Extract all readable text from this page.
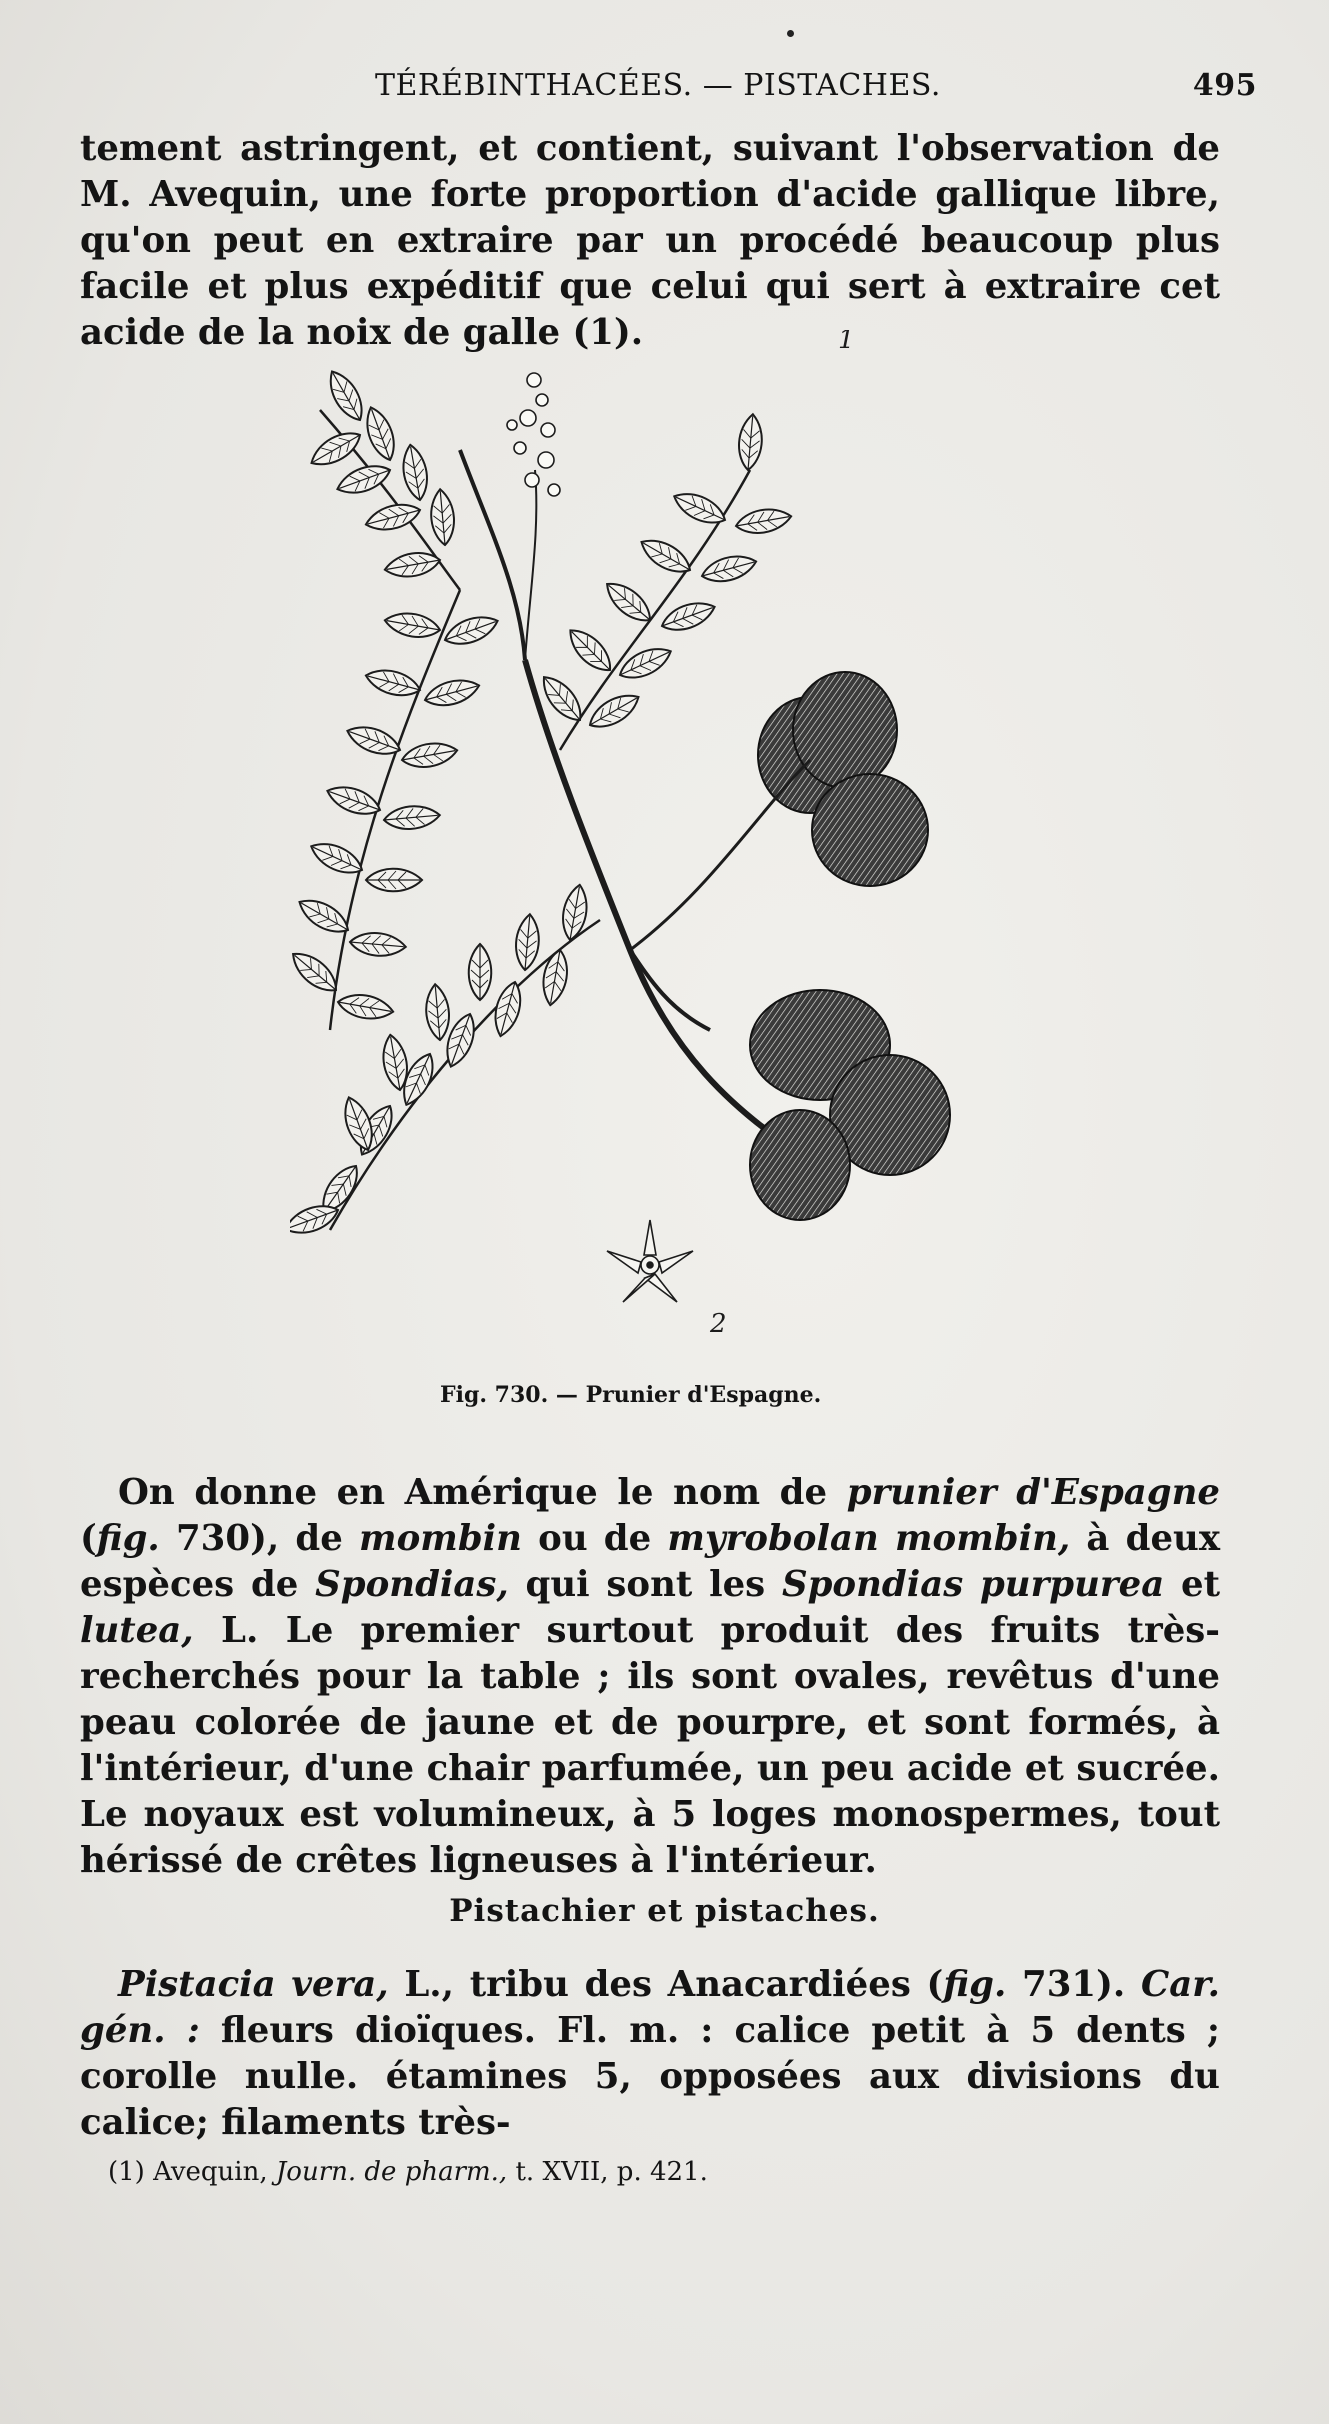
TÉRÉBINTHACÉES. — PISTACHES.	495

tement astringent, et contient, suivant l'observation de M. Avequin, une forte proportion d'acide gallique libre, qu'on peut en extraire par un procédé beaucoup plus facile et plus expéditif que celui qui sert à extraire cet acide de la noix de galle (1).	1
2
Fig. 730. — Prunier d'Espagne.

On donne en Amérique le nom de prunier d'Espagne (fig. 730), de mombin ou de myrobolan mombin, à deux espèces de Spondias, qui sont les Spondias purpurea et lutea, L. Le premier surtout produit des fruits très-recherchés pour la table ; ils sont ovales, revêtus d'une peau colorée de jaune et de pourpre, et sont formés, à l'intérieur, d'une chair parfumée, un peu acide et sucrée. Le noyaux est volumineux, à 5 loges monospermes, tout hérissé de crêtes ligneuses à l'intérieur.

Pistachier et pistaches.

Pistacia vera, L., tribu des Anacardiées (fig. 731). Car. gén. : fleurs dioïques. Fl. m. : calice petit à 5 dents ; corolle nulle. étamines 5, opposées aux divisions du calice; filaments très-

(1) Avequin, Journ. de pharm., t. XVII, p. 421.
